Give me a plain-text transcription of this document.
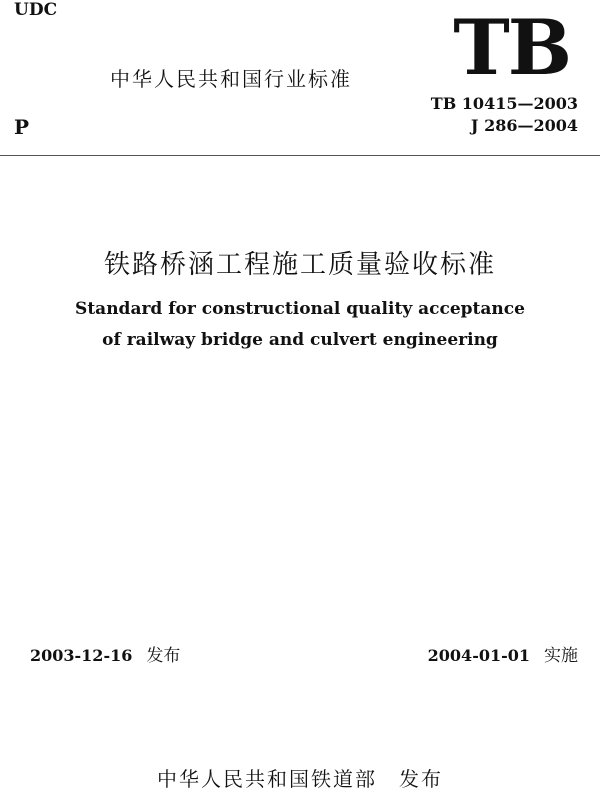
UDC
中华人民共和国行业标准
P
TB
TB 10415—2003
J 286—2004
铁路桥涵工程施工质量验收标准
Standard for constructional quality acceptance
of railway bridge and culvert engineering
2003-12-16 发布	2004-01-01 实施
中华人民共和国铁道部 发布
